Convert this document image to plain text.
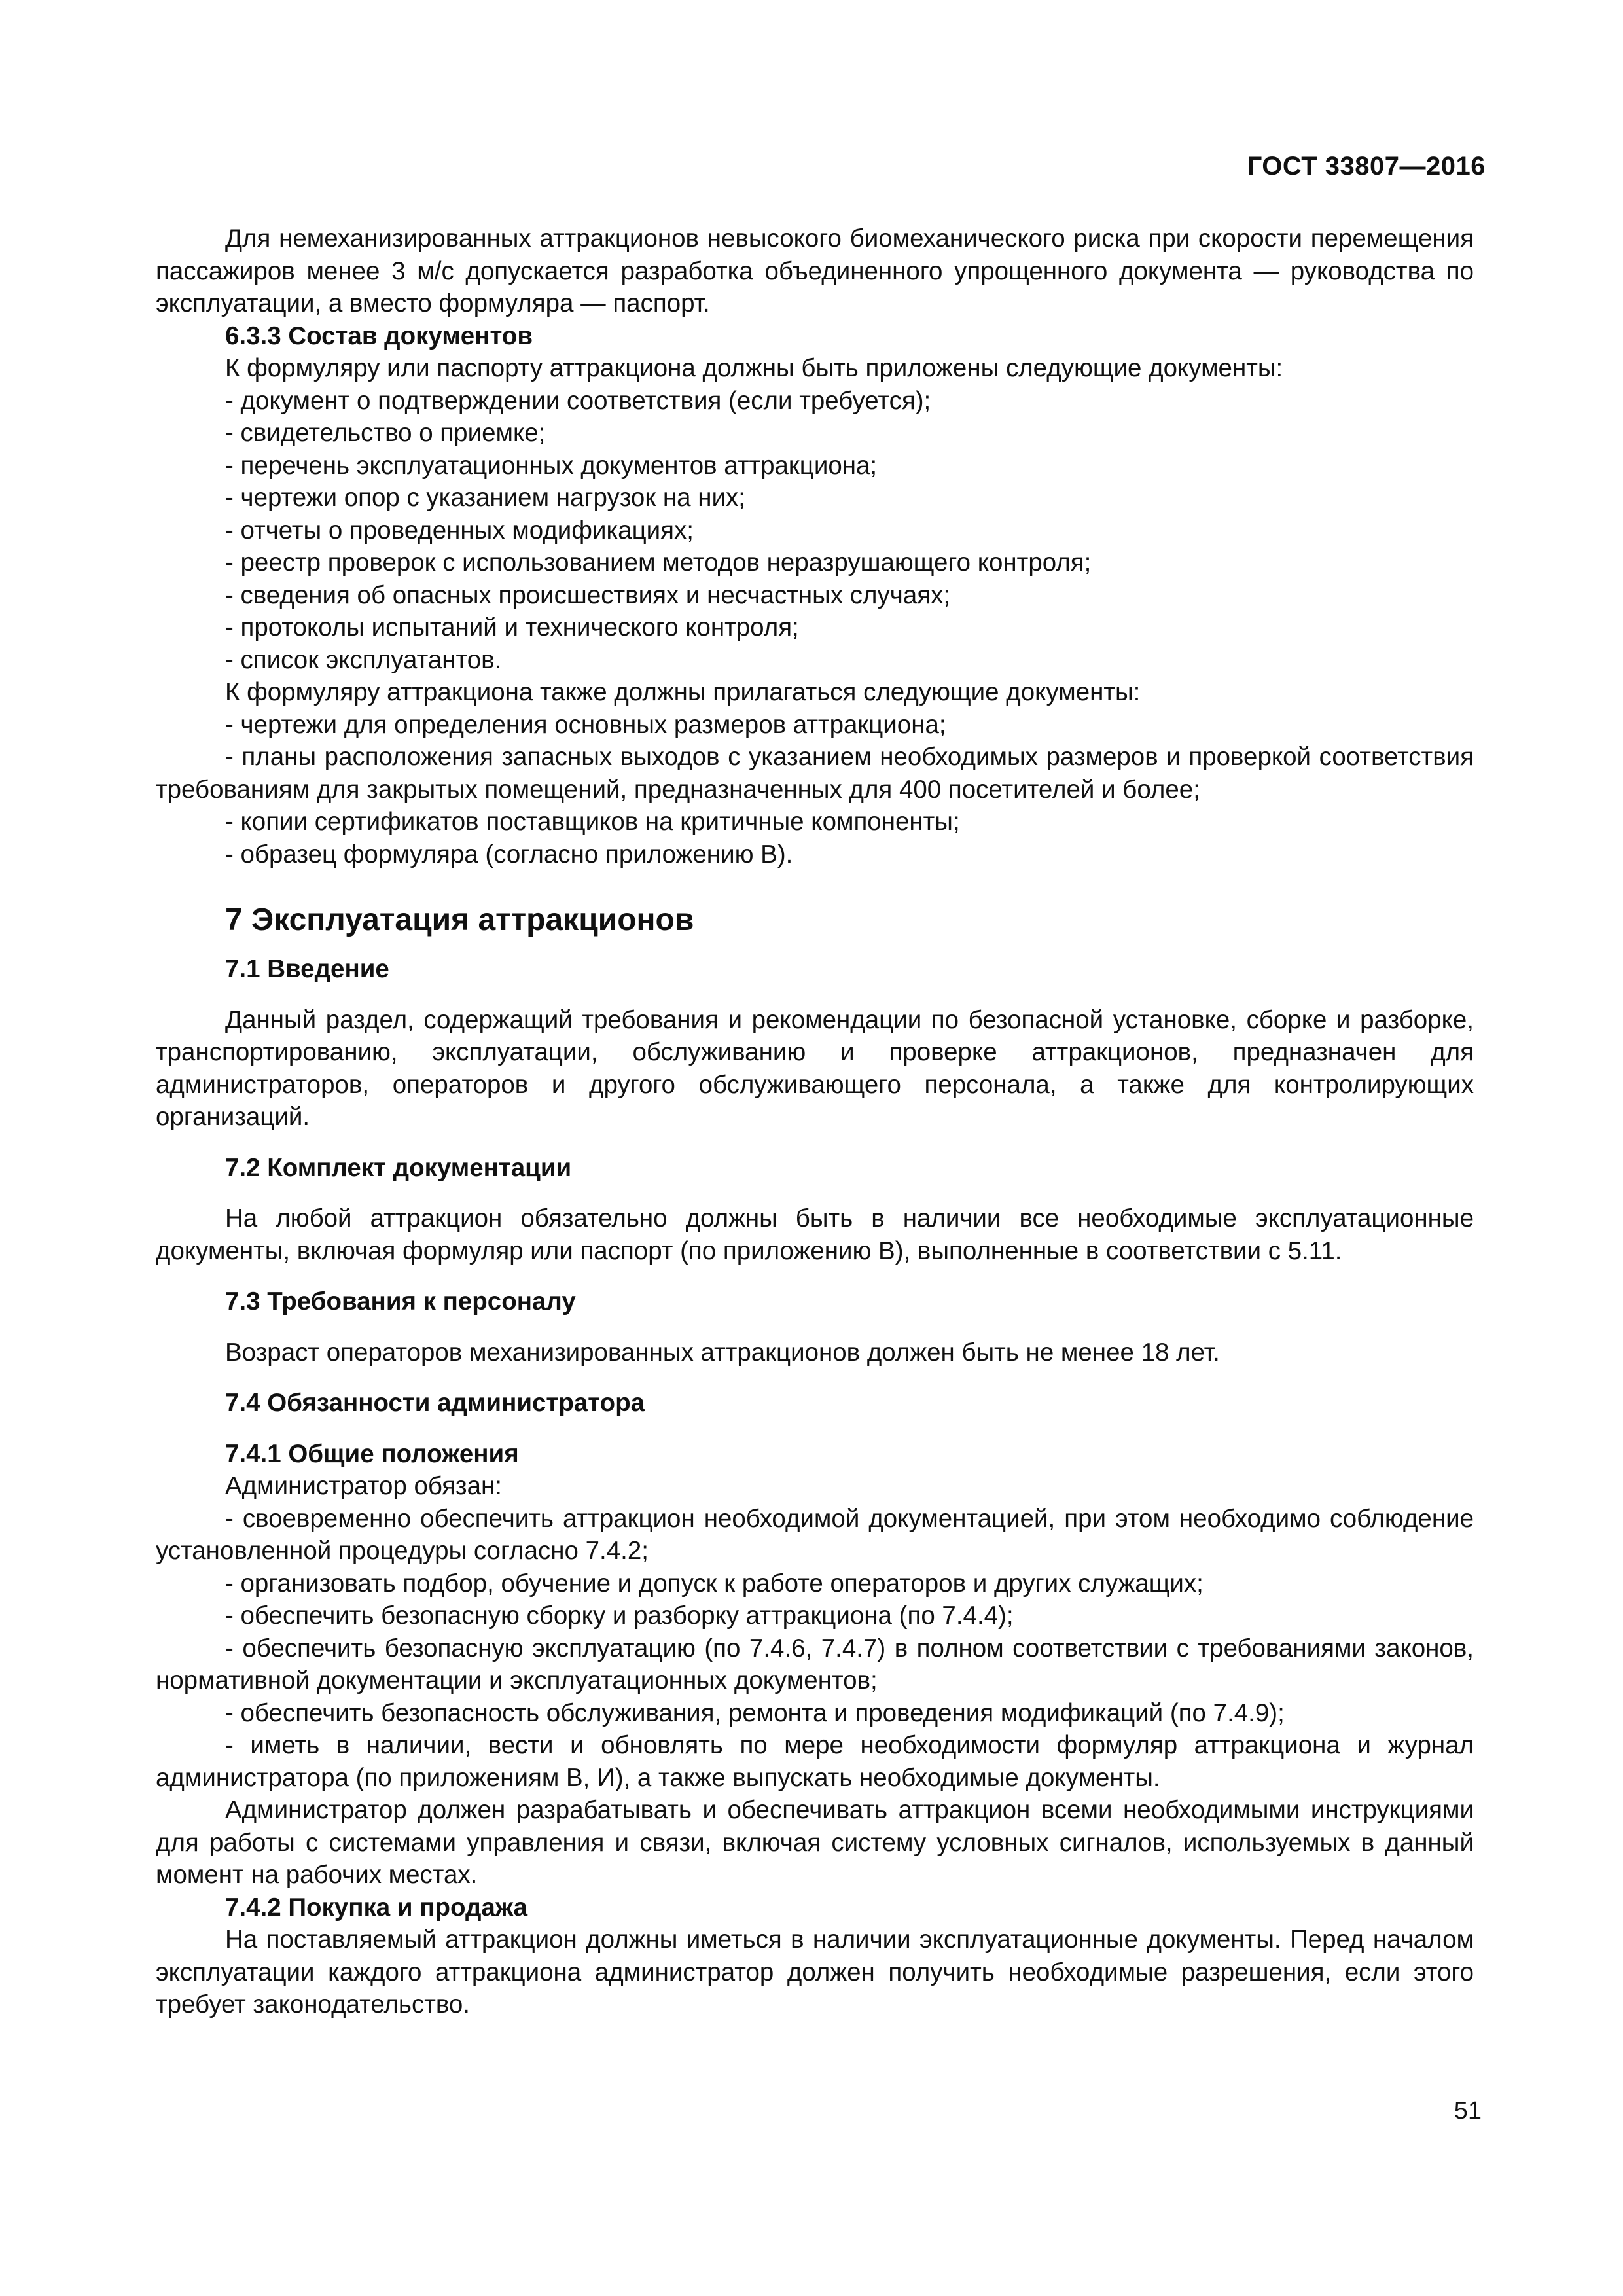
ГОСТ 33807—2016

Для немеханизированных аттракционов невысокого биомеханического риска при скорости перемещения пассажиров менее 3 м/с допускается разработка объединенного упрощенного документа — руководства по эксплуатации, а вместо формуляра — паспорт.

6.3.3 Состав документов

К формуляру или паспорту аттракциона должны быть приложены следующие документы:

- документ о подтверждении соответствия (если требуется);

- свидетельство о приемке;

- перечень эксплуатационных документов аттракциона;

- чертежи опор с указанием нагрузок на них;

- отчеты о проведенных модификациях;

- реестр проверок с использованием методов неразрушающего контроля;

- сведения об опасных происшествиях и несчастных случаях;

- протоколы испытаний и технического контроля;

- список эксплуатантов.

К формуляру аттракциона также должны прилагаться следующие документы:

- чертежи для определения основных размеров аттракциона;

- планы расположения запасных выходов с указанием необходимых размеров и проверкой соответствия требованиям для закрытых помещений, предназначенных для 400 посетителей и более;

- копии сертификатов поставщиков на критичные компоненты;

- образец формуляра (согласно приложению В).

7 Эксплуатация аттракционов

7.1 Введение

Данный раздел, содержащий требования и рекомендации по безопасной установке, сборке и разборке, транспортированию, эксплуатации, обслуживанию и проверке аттракционов, предназначен для администраторов, операторов и другого обслуживающего персонала, а также для контролирующих организаций.

7.2 Комплект документации

На любой аттракцион обязательно должны быть в наличии все необходимые эксплуатационные документы, включая формуляр или паспорт (по приложению В), выполненные в соответствии с 5.11.

7.3 Требования к персоналу

Возраст операторов механизированных аттракционов должен быть не менее 18 лет.

7.4 Обязанности администратора

7.4.1 Общие положения

Администратор обязан:

- своевременно обеспечить аттракцион необходимой документацией, при этом необходимо соблюдение установленной процедуры согласно 7.4.2;

- организовать подбор, обучение и допуск к работе операторов и других служащих;

- обеспечить безопасную сборку и разборку аттракциона (по 7.4.4);

- обеспечить безопасную эксплуатацию (по 7.4.6, 7.4.7) в полном соответствии с требованиями законов, нормативной документации и эксплуатационных документов;

- обеспечить безопасность обслуживания, ремонта и проведения модификаций (по 7.4.9);

- иметь в наличии, вести и обновлять по мере необходимости формуляр аттракциона и журнал администратора (по приложениям В, И), а также выпускать необходимые документы.

Администратор должен разрабатывать и обеспечивать аттракцион всеми необходимыми инструкциями для работы с системами управления и связи, включая систему условных сигналов, используемых в данный момент на рабочих местах.

7.4.2 Покупка и продажа

На поставляемый аттракцион должны иметься в наличии эксплуатационные документы. Перед началом эксплуатации каждого аттракциона администратор должен получить необходимые разрешения, если этого требует законодательство.

51
